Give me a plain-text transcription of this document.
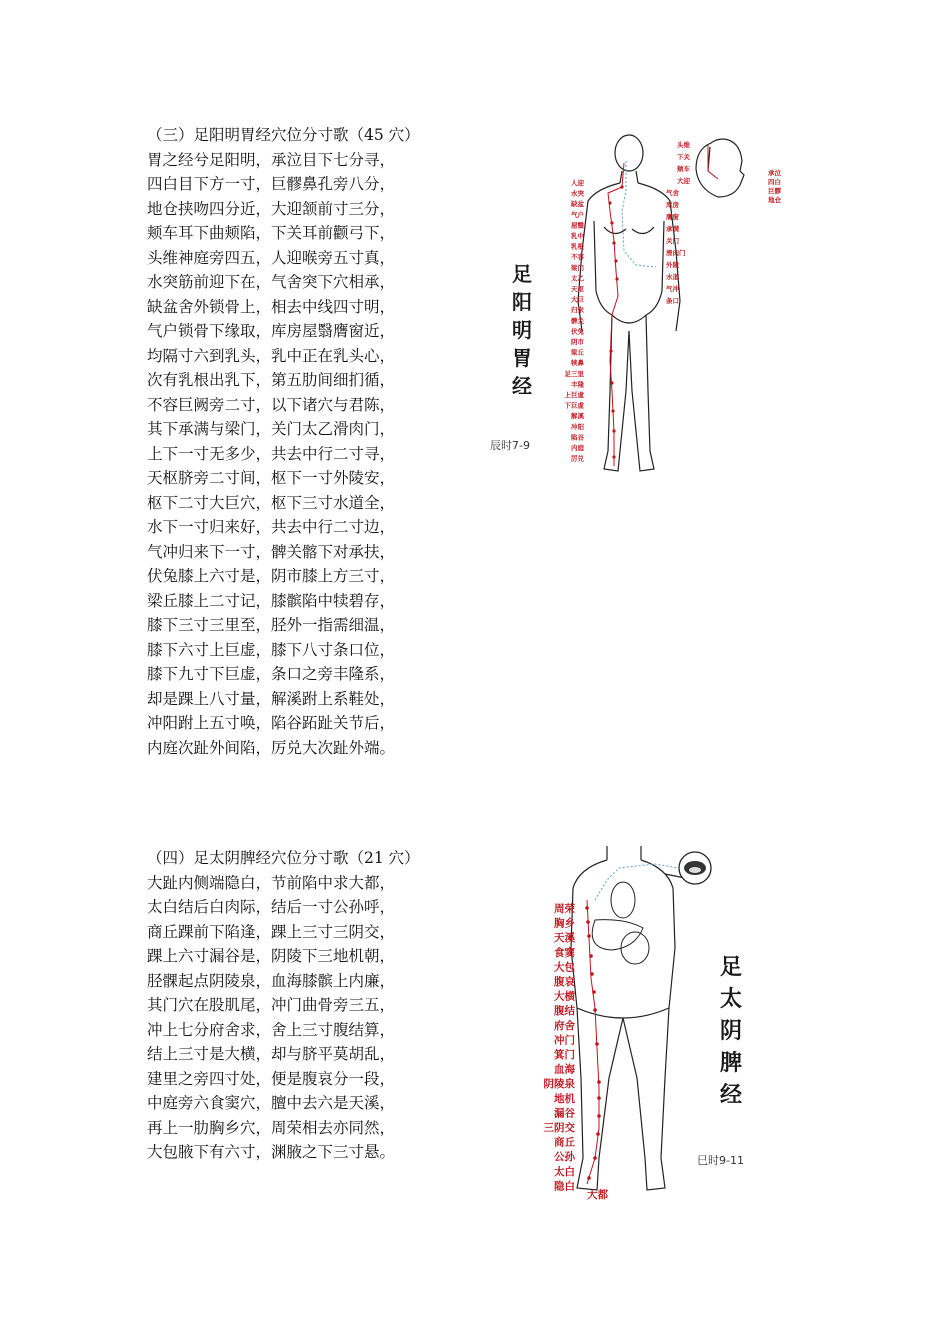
（三）足阳明胃经穴位分寸歌（45 穴）
胃之经兮足阳明，承泣目下七分寻，
四白目下方一寸，巨髎鼻孔旁八分，
地仓挟吻四分近，大迎颔前寸三分，
颊车耳下曲颊陷，下关耳前颧弓下，
头维神庭旁四五，人迎喉旁五寸真，
水突筋前迎下在，气舍突下穴相承，
缺盆舍外锁骨上，相去中线四寸明，
气户锁骨下缘取，库房屋翳膺窗近，
均隔寸六到乳头，乳中正在乳头心，
次有乳根出乳下，第五肋间细扪循，
不容巨阙旁二寸，以下诸穴与君陈，
其下承满与梁门，关门太乙滑肉门，
上下一寸无多少，共去中行二寸寻，
天枢脐旁二寸间，枢下一寸外陵安，
枢下二寸大巨穴，枢下三寸水道全，
水下一寸归来好，共去中行二寸边，
气冲归来下一寸，髀关髂下对承扶，
伏兔膝上六寸是，阴市膝上方三寸，
梁丘膝上二寸记，膝髌陷中犊碧存，
膝下三寸三里至，胫外一指需细温，
膝下六寸上巨虚，膝下八寸条口位，
膝下九寸下巨虚，条口之旁丰隆系，
却是踝上八寸量，解溪跗上系鞋处，
冲阳跗上五寸唤，陷谷跖趾关节后，
内庭次趾外间陷，厉兑大次趾外端。
人迎
水突
缺盆
气户
屋翳
乳中
乳根
不容
梁门
太乙
天枢
大巨
归来
髀关
伏兔
阴市
梁丘
犊鼻
足三里
丰隆
上巨虚
下巨虚
解溪
冲阳
陷谷
内庭
厉兑
气舍
库房
膺窗
承满
关门
滑肉门
外陵
水道
气冲
条口
头维
下关
颊车
大迎
承泣
四白
巨髎
地仓
足
阳
明
胃
经
辰时7-9
（四）足太阴脾经穴位分寸歌（21 穴）
大趾内侧端隐白，节前陷中求大都，
太白结后白肉际，结后一寸公孙呼，
商丘踝前下陷逢，踝上三寸三阴交，
踝上六寸漏谷是，阴陵下三地机朝，
胫髁起点阴陵泉，血海膝髌上内廉，
其门穴在股肌尾，冲门曲骨旁三五，
冲上七分府舍求，舍上三寸腹结算，
结上三寸是大横，却与脐平莫胡乱，
建里之旁四寸处，便是腹哀分一段，
中庭旁六食窦穴，膻中去六是天溪，
再上一肋胸乡穴，周荣相去亦同然，
大包腋下有六寸，渊腋之下三寸悬。
周荣
胸乡
天溪
食窦
大包
腹哀
大横
腹结
府舍
冲门
箕门
血海
阴陵泉
地机
漏谷
三阴交
商丘
公孙
太白
隐白
大都
足
太
阴
脾
经
巳时9-11
